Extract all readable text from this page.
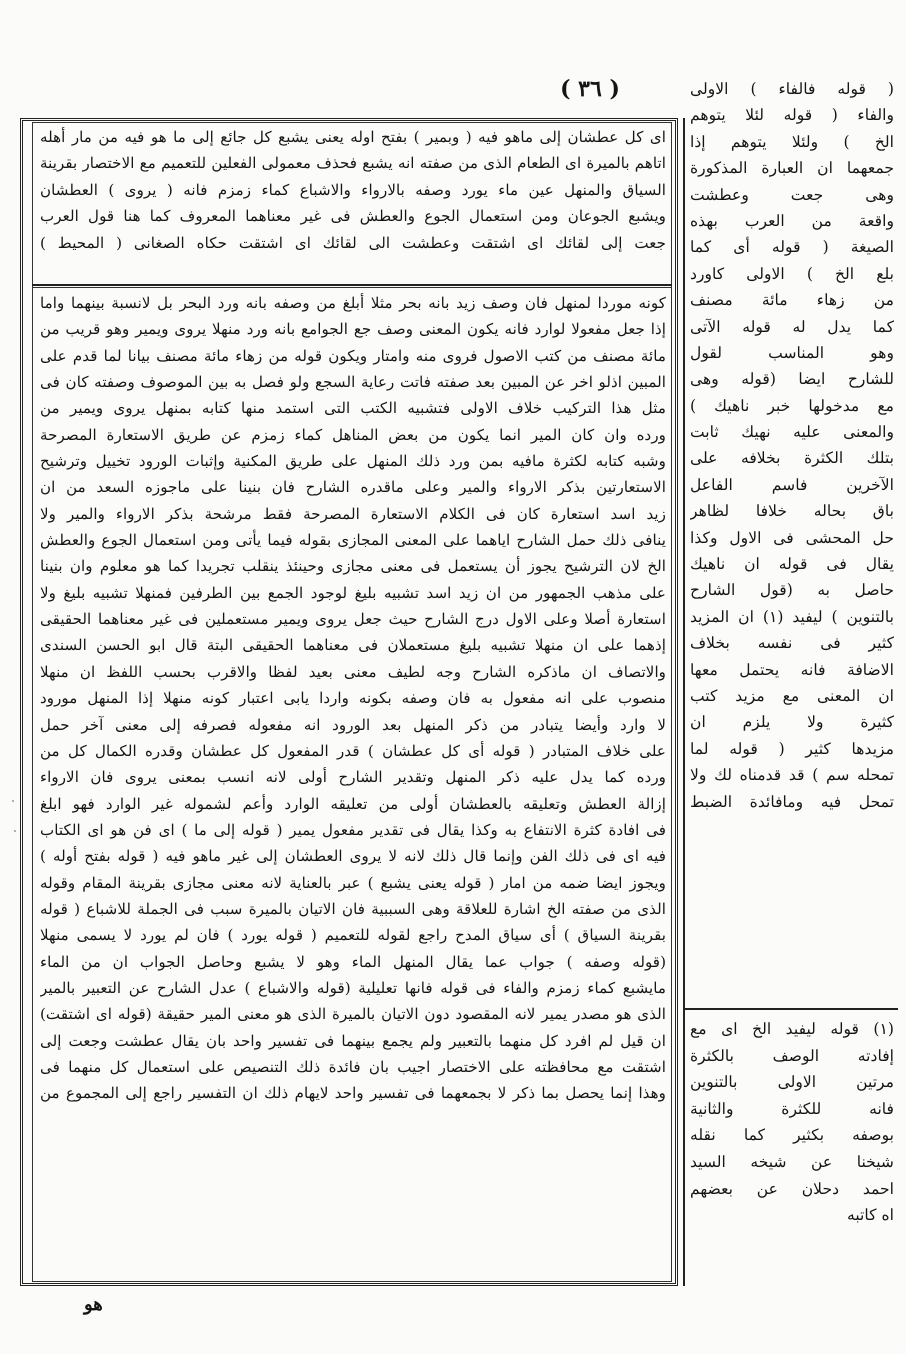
( ٣٦ )

اى كل عطشان إلى ماهو فيه ( وبمير ) بفتح اوله يعنى يشبع كل جائع إلى ما هو فيه من مار أهله

اتاهم بالميرة اى الطعام الذى من صفته انه يشبع فحذف معمولى الفعلين للتعميم مع الاختصار بقرينة

السياق والمنهل عين ماء يورد وصفه بالارواء والاشباع كماء زمزم فانه ( يروى ) العطشان

ويشبع الجوعان ومن استعمال الجوع والعطش فى غير معناهما المعروف كما هنا قول العرب

جعت إلى لقائك اى اشتقت وعطشت الى لقائك اى اشتقت حكاه الصغانى ( المحيط )

كونه موردا لمنهل فان وصف زيد بانه بحر مثلا أبلغ من وصفه بانه ورد البحر بل لانسبة بينهما واما

إذا جعل مفعولا لوارد فانه يكون المعنى وصف جع الجوامع بانه ورد منهلا يروى ويمير وهو قريب من

مائة مصنف من كتب الاصول فروى منه وامتار ويكون قوله من زهاء مائة مصنف بيانا لما قدم على

المبين اذلو اخر عن المبين بعد صفته فاتت رعاية السجع ولو فصل به بين الموصوف وصفته كان فى

مثل هذا التركيب خلاف الاولى فتشبيه الكتب التى استمد منها كتابه بمنهل يروى ويمير من

ورده وان كان المير انما يكون من بعض المناهل كماء زمزم عن طريق الاستعارة المصرحة

وشبه كتابه لكثرة مافيه بمن ورد ذلك المنهل على طريق المكنية وإثبات الورود تخييل وترشيح

الاستعارتين بذكر الارواء والمير وعلى ماقدره الشارح فان بنينا على ماجوزه السعد من ان

زيد اسد استعارة كان فى الكلام الاستعارة المصرحة فقط مرشحة بذكر الارواء والمير ولا

ينافى ذلك حمل الشارح اياهما على المعنى المجازى بقوله فيما يأتى ومن استعمال الجوع والعطش

الخ لان الترشيح يجوز أن يستعمل فى معنى مجازى وحينئذ ينقلب تجريدا كما هو معلوم وان بنينا

على مذهب الجمهور من ان زيد اسد تشبيه بليغ لوجود الجمع بين الطرفين فمنهلا تشبيه بليغ ولا

استعارة أصلا وعلى الاول درج الشارح حيث جعل يروى ويمير مستعملين فى غير معناهما الحقيقى

إذهما على ان منهلا تشبيه بليغ مستعملان فى معناهما الحقيقى البتة قال ابو الحسن السندى

والاتصاف ان ماذكره الشارح وجه لطيف معنى بعيد لفظا والاقرب بحسب اللفظ ان منهلا

منصوب على انه مفعول به فان وصفه بكونه واردا يابى اعتبار كونه منهلا إذا المنهل مورود

لا وارد وأيضا يتبادر من ذكر المنهل بعد الورود انه مفعوله فصرفه إلى معنى آخر حمل

على خلاف المتبادر ( قوله أى كل عطشان ) قدر المفعول كل عطشان وقدره الكمال كل من

ورده كما يدل عليه ذكر المنهل وتقدير الشارح أولى لانه انسب بمعنى يروى فان الارواء

إزالة العطش وتعليقه بالعطشان أولى من تعليقه الوارد وأعم لشموله غير الوارد فهو ابلغ

فى افادة كثرة الانتفاع به وكذا يقال فى تقدير مفعول يمير ( قوله إلى ما ) اى فن هو اى الكتاب

فيه اى فى ذلك الفن وإنما قال ذلك لانه لا يروى العطشان إلى غير ماهو فيه ( قوله بفتح أوله )

ويجوز ايضا ضمه من امار ( قوله يعنى يشبع ) عبر بالعناية لانه معنى مجازى بقرينة المقام وقوله

الذى من صفته الخ اشارة للعلاقة وهى السببية فان الاتيان بالميرة سبب فى الجملة للاشباع ( قوله

بقرينة السياق ) أى سياق المدح راجع لقوله للتعميم ( قوله يورد ) فان لم يورد لا يسمى منهلا

(قوله وصفه ) جواب عما يقال المنهل الماء وهو لا يشبع وحاصل الجواب ان من الماء

مايشبع كماء زمزم والفاء فى قوله فانها تعليلية (قوله والاشباع ) عدل الشارح عن التعبير بالمير

الذى هو مصدر يمير لانه المقصود دون الاتيان بالميرة الذى هو معنى المير حقيقة (قوله اى اشتقت)

ان قيل لم افرد كل منهما بالتعبير ولم يجمع بينهما فى تفسير واحد بان يقال عطشت وجعت إلى

اشتقت مع محافظته على الاختصار اجيب بان فائدة ذلك التنصيص على استعمال كل منهما فى

وهذا إنما يحصل بما ذكر لا بجمعهما فى تفسير واحد لايهام ذلك ان التفسير راجع إلى المجموع من

( قوله فالفاء ) الاولى

والفاء ( قوله لئلا يتوهم

الخ ) ولئلا يتوهم إذا

جمعهما ان العبارة المذكورة

وهى جعت وعطشت

واقعة من العرب بهذه

الصيغة ( قوله أى كما

بلع الخ ) الاولى كاورد

من زهاء مائة مصنف

كما يدل له قوله الآتى

وهو المناسب لقول

للشارح ايضا (قوله وهى

مع مدخولها خبر ناهيك )

والمعنى عليه نهيك ثابت

بتلك الكثرة بخلافه على

الآخرين فاسم الفاعل

باق بحاله خلافا لظاهر

حل المحشى فى الاول وكذا

يقال فى قوله ان ناهيك

حاصل به (قول الشارح

بالتنوين ) ليفيد (١) ان المزيد

كثير فى نفسه بخلاف

الاضافة فانه يحتمل معها

ان المعنى مع مزيد كتب

كثيرة ولا يلزم ان

مزيدها كثير ( قوله لما

تمحله سم ) قد قدمناه لك ولا

تمحل فيه ومافائدة الضبط

(١) قوله ليفيد الخ اى مع

إفادته الوصف بالكثرة

مرتين الاولى بالتنوين

فانه للكثرة والثانية

بوصفه بكثير كما نقله

شيخنا عن شيخه السيد

احمد دحلان عن بعضهم

اه كاتبه

هو
